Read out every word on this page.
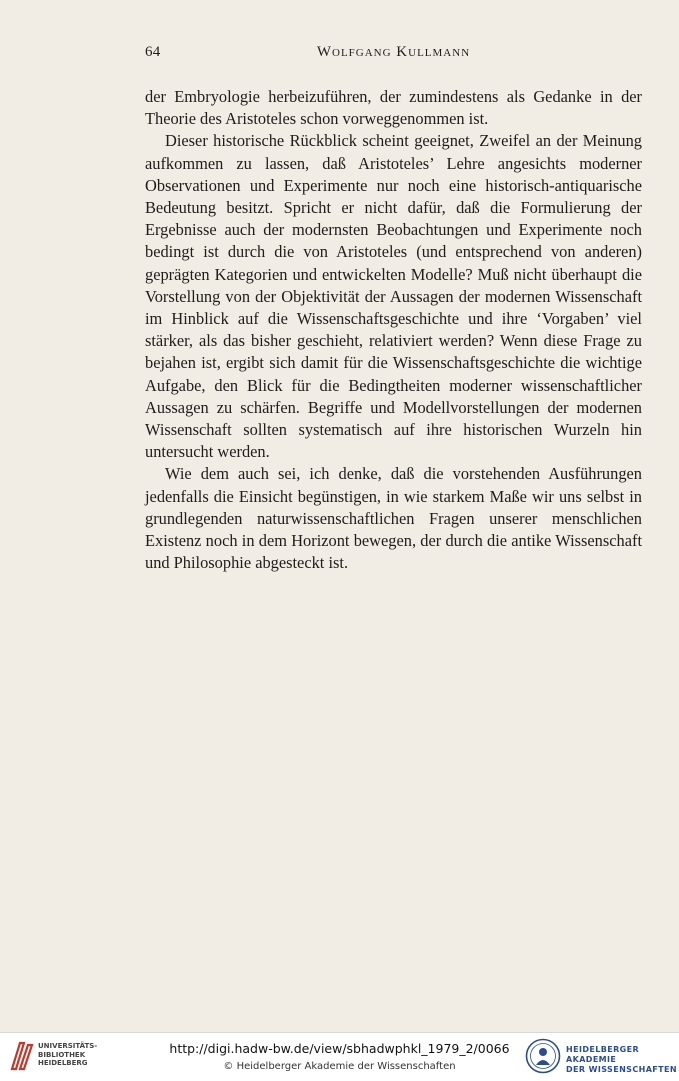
64	Wolfgang Kullmann

der Embryologie herbeizuführen, der zumindestens als Gedanke in der Theorie des Aristoteles schon vorweggenommen ist.

Dieser historische Rückblick scheint geeignet, Zweifel an der Meinung aufkommen zu lassen, daß Aristoteles’ Lehre angesichts moderner Observationen und Experimente nur noch eine historisch-antiquarische Bedeutung besitzt. Spricht er nicht dafür, daß die Formulierung der Ergebnisse auch der modernsten Beobachtungen und Experimente noch bedingt ist durch die von Aristoteles (und entsprechend von anderen) geprägten Kategorien und entwickelten Modelle? Muß nicht überhaupt die Vorstellung von der Objektivität der Aussagen der modernen Wissenschaft im Hinblick auf die Wissenschaftsgeschichte und ihre ‘Vorgaben’ viel stärker, als das bisher geschieht, relativiert werden? Wenn diese Frage zu bejahen ist, ergibt sich damit für die Wissenschaftsgeschichte die wichtige Aufgabe, den Blick für die Bedingtheiten moderner wissenschaftlicher Aussagen zu schärfen. Begriffe und Modellvorstellungen der modernen Wissenschaft sollten systematisch auf ihre historischen Wurzeln hin untersucht werden.

Wie dem auch sei, ich denke, daß die vorstehenden Ausführungen jedenfalls die Einsicht begünstigen, in wie starkem Maße wir uns selbst in grundlegenden naturwissenschaftlichen Fragen unserer menschlichen Existenz noch in dem Horizont bewegen, der durch die antike Wissenschaft und Philosophie abgesteckt ist.

UNIVERSITÄTS-
BIBLIOTHEK
HEIDELBERG
http://digi.hadw-bw.de/view/sbhadwphkl_1979_2/0066
© Heidelberger Akademie der Wissenschaften
HEIDELBERGER AKADEMIE
DER WISSENSCHAFTEN
